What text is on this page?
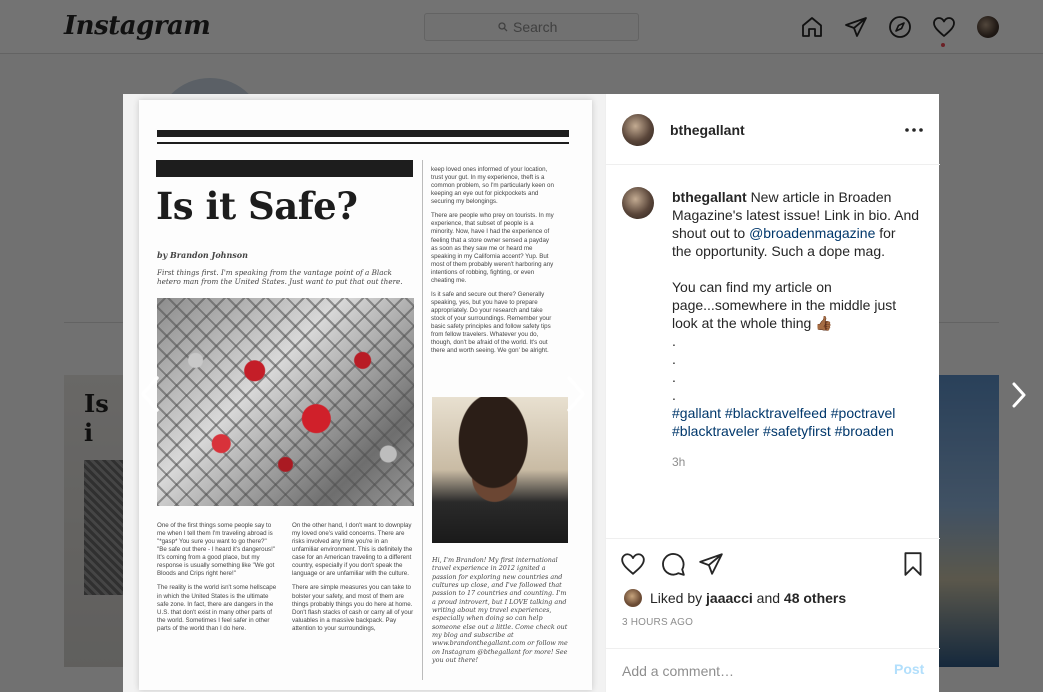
Search
Is it Safe?
by Brandon Johnson
First things first. I'm speaking from the vantage point of a Black hetero man from the United States. Just want to put that out there.

keep loved ones informed of your location, trust your gut. In my experience, theft is a common problem, so I'm particularly keen on keeping an eye out for pickpockets and securing my belongings.

There are people who prey on tourists. In my experience, that subset of people is a minority. Now, have I had the experience of feeling that a store owner sensed a payday as soon as they saw me or heard me speaking in my California accent? Yup. But most of them probably weren't harboring any intentions of robbing, fighting, or even cheating me.

Is it safe and secure out there? Generally speaking, yes, but you have to prepare appropriately. Do your research and take stock of your surroundings. Remember your basic safety principles and follow safety tips from fellow travelers. Whatever you do, though, don't be afraid of the world. It's out there and worth seeing. We gon' be alright.

Hi, I'm Brandon! My first international travel experience in 2012 ignited a passion for exploring new countries and cultures up close, and I've followed that passion to 17 countries and counting. I'm a proud introvert, but I LOVE talking and writing about my travel experiences, especially when doing so can help someone else out a little. Come check out my blog and subscribe at www.brandonthegallant.com or follow me on Instagram @bthegallant for more! See you out there!

One of the first things some people say to me when I tell them I'm traveling abroad is "*gasp* You sure you want to go there?" "Be safe out there - I heard it's dangerous!" It's coming from a good place, but my response is usually something like "We got Bloods and Crips right here!"

The reality is the world isn't some hellscape in which the United States is the ultimate safe zone. In fact, there are dangers in the U.S. that don't exist in many other parts of the world. Sometimes I feel safer in other parts of the world than I do here.

On the other hand, I don't want to downplay my loved one's valid concerns. There are risks involved any time you're in an unfamiliar environment. This is definitely the case for an American traveling to a different country, especially if you don't speak the language or are unfamiliar with the culture.

There are simple measures you can take to bolster your safety, and most of them are things probably things you do here at home. Don't flash stacks of cash or carry all of your valuables in a massive backpack. Pay attention to your surroundings,

bthegallant
bthegallant New article in Broaden
Magazine's latest issue! Link in bio. And
shout out to @broadenmagazine for
the opportunity. Such a dope mag.
You can find my article on
page...somewhere in the middle just
look at the whole thing 👍🏾
.
.
.
.
#gallant #blacktravelfeed #poctravel
#blacktraveler #safetyfirst #broaden
3h
Liked by jaaacci and 48 others
3 HOURS AGO
Add a comment…
Post
